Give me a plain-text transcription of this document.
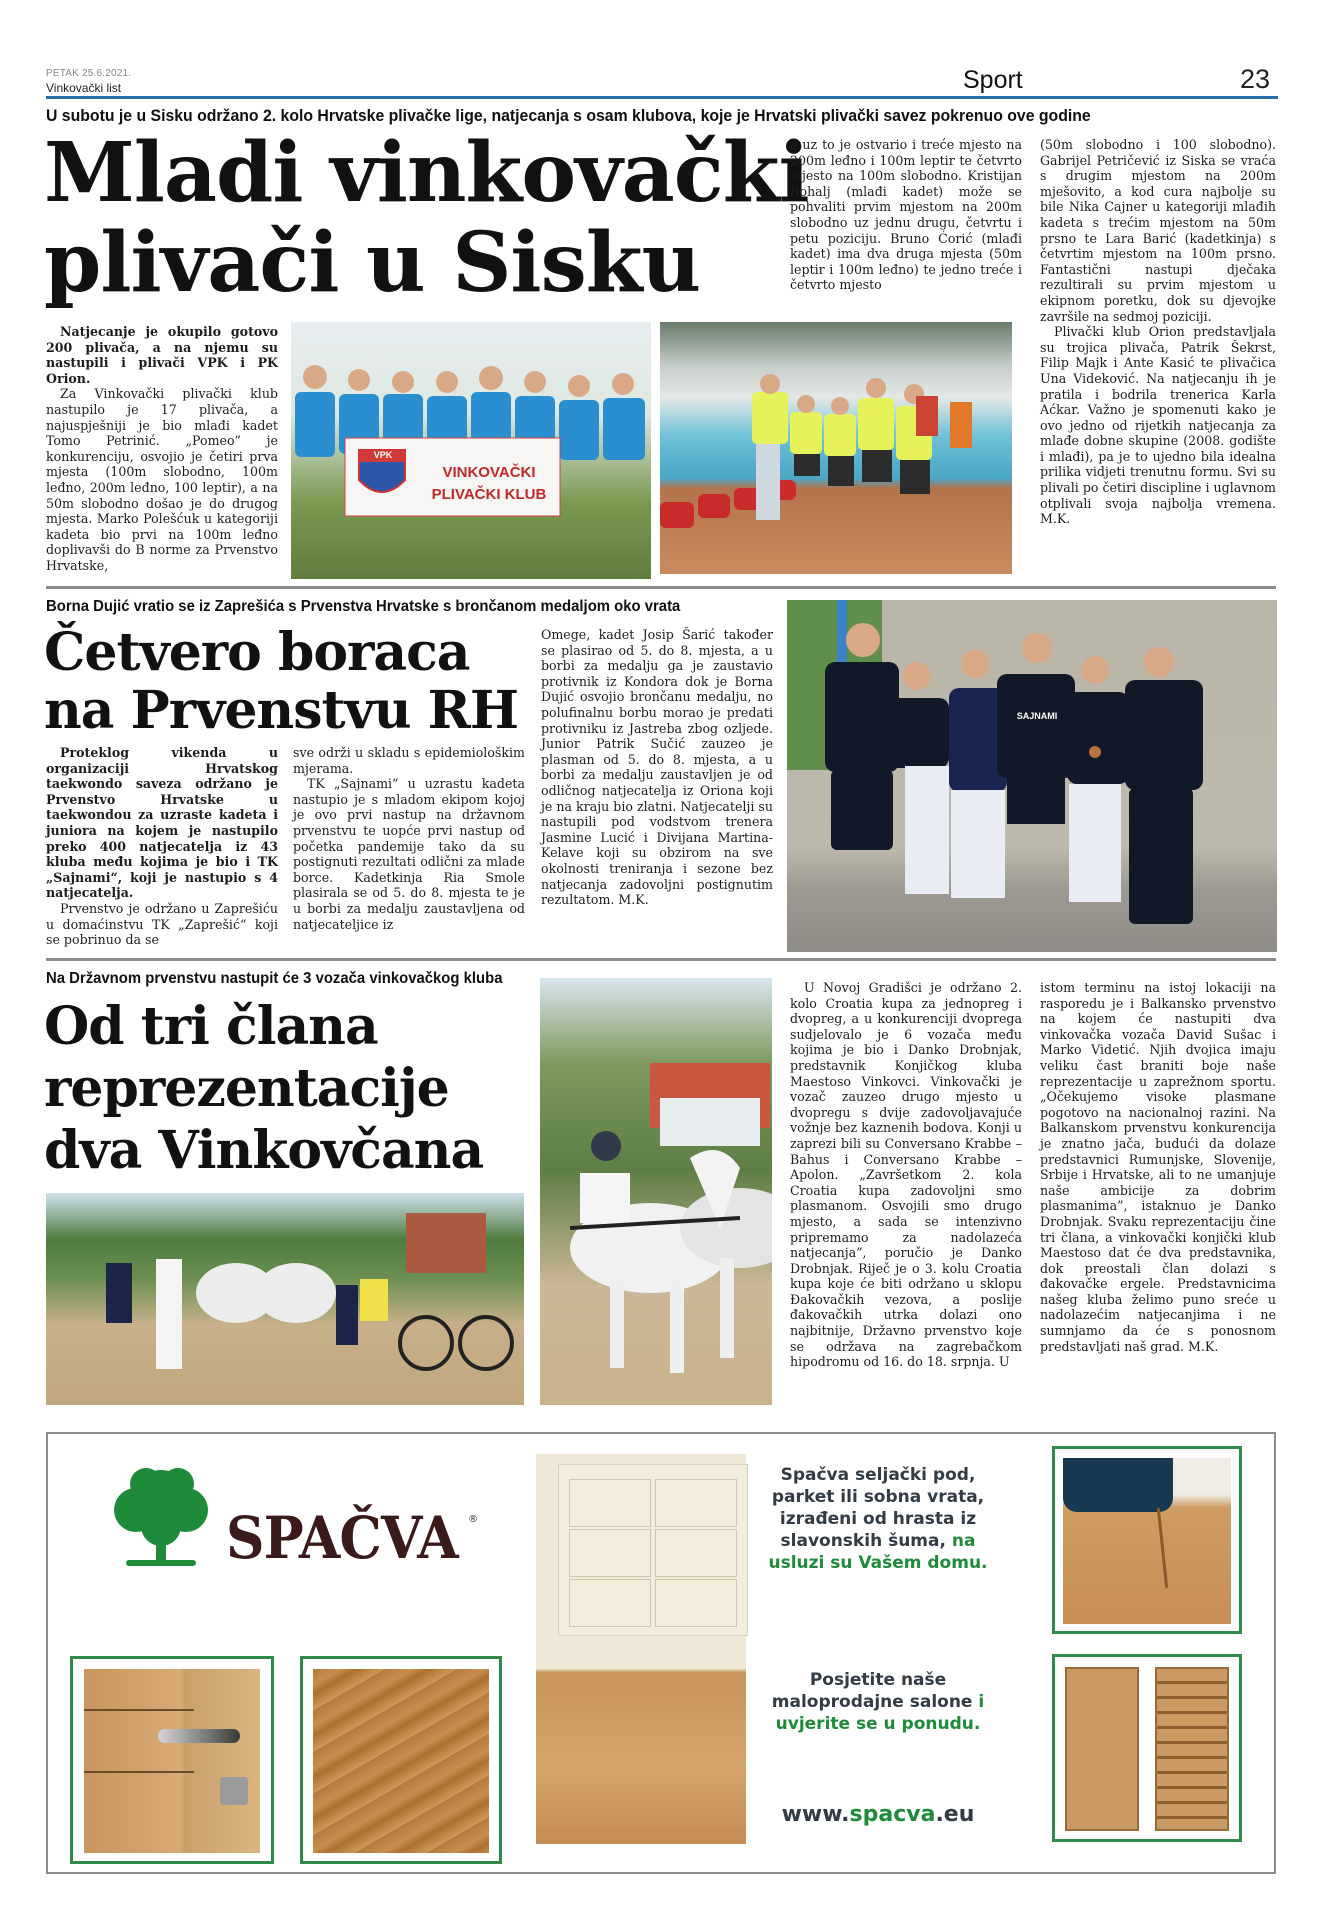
PETAK 25.6.2021.
Vinkovački list	Sport	23
U subotu je u Sisku održano 2. kolo Hrvatske plivačke lige, natjecanja s osam klubova, koje je Hrvatski plivački savez pokrenuo ove godine
Mladi vinkovački
plivači u Sisku

Natjecanje je okupilo gotovo 200 plivača, a na njemu su nastupili i plivači VPK i PK Orion.

Za Vinkovački plivački klub nastupilo je 17 plivača, a najuspješniji je bio mlađi kadet Tomo Petrinić. „Pomeo” je konkurenciju, osvojio je četiri prva mjesta (100m slobodno, 100m leđno, 200m leđno, 100 leptir), a na 50m slobodno došao je do drugog mjesta. Marko Polešćuk u kategoriji kadeta bio prvi na 100m leđno doplivavši do B norme za Prvenstvo Hrvatske,

VINKOVAČKI
PLIVAČKI KLUB
VPK

a uz to je ostvario i treće mjesto na 200m leđno i 100m leptir te četvrto mjesto na 100m slobodno. Kristijan Rohalj (mlađi kadet) može se pohvaliti prvim mjestom na 200m slobodno uz jednu drugu, četvrtu i petu poziciju. Bruno Ćorić (mlađi kadet) ima dva druga mjesta (50m leptir i 100m leđno) te jedno treće i četvrto mjesto

(50m slobodno i 100 slobodno). Gabrijel Petričević iz Siska se vraća s drugim mjestom na 200m mješovito, a kod cura najbolje su bile Nika Cajner u kategoriji mlađih kadeta s trećim mjestom na 50m prsno te Lara Barić (kadetkinja) s četvrtim mjestom na 100m prsno. Fantastični nastupi dječaka rezultirali su prvim mjestom u ekipnom poretku, dok su djevojke završile na sedmoj poziciji.

Plivački klub Orion predstavljala su trojica plivača, Patrik Šekrst, Filip Majk i Ante Kasić te plivačica Una Videković. Na natjecanju ih je pratila i bodrila trenerica Karla Aćkar. Važno je spomenuti kako je ovo jedno od rijetkih natjecanja za mlađe dobne skupine (2008. godište i mlađi), pa je to ujedno bila idealna prilika vidjeti trenutnu formu. Svi su plivali po četiri discipline i uglavnom otplivali svoja najbolja vremena. M.K.

Borna Dujić vratio se iz Zaprešića s Prvenstva Hrvatske s brončanom medaljom oko vrata
Četvero boraca
na Prvenstvu RH

Proteklog vikenda u organizaciji Hrvatskog taekwondo saveza održano je Prvenstvo Hrvatske u taekwondou za uzraste kadeta i juniora na kojem je nastupilo preko 400 natjecatelja iz 43 kluba među kojima je bio i TK „Sajnami“, koji je nastupio s 4 natjecatelja.

Prvenstvo je održano u Zaprešiću u domaćinstvu TK „Zaprešić“ koji se pobrinuo da se

sve održi u skladu s epidemiološkim mjerama.

TK „Sajnami“ u uzrastu kadeta nastupio je s mladom ekipom kojoj je ovo prvi nastup na državnom prvenstvu te uopće prvi nastup od početka pandemije tako da su postignuti rezultati odlični za mlade borce. Kadetkinja Ria Smole plasirala se od 5. do 8. mjesta te je u borbi za medalju zaustavljena od natjecateljice iz

Omege, kadet Josip Šarić također se plasirao od 5. do 8. mjesta, a u borbi za medalju ga je zaustavio protivnik iz Kondora dok je Borna Dujić osvojio brončanu medalju, no polufinalnu borbu morao je predati protivniku iz Jastreba zbog ozljede. Junior Patrik Sučić zauzeo je plasman od 5. do 8. mjesta, a u borbi za medalju zaustavljen je od odličnog natjecatelja iz Oriona koji je na kraju bio zlatni. Natjecatelji su nastupili pod vodstvom trenera Jasmine Lucić i Divijana Martina-Kelave koji su obzirom na sve okolnosti treniranja i sezone bez natjecanja zadovoljni postignutim rezultatom. M.K.

SAJNAMI
Na Državnom prvenstvu nastupit će 3 vozača vinkovačkog kluba
Od tri člana
reprezentacije
dva Vinkovčana

U Novoj Gradišci je održano 2. kolo Croatia kupa za jednopreg i dvopreg, a u konkurenciji dvoprega sudjelovalo je 6 vozača među kojima je bio i Danko Drobnjak, predstavnik Konjičkog kluba Maestoso Vinkovci. Vinkovački je vozač zauzeo drugo mjesto u dvopregu s dvije zadovoljavajuće vožnje bez kaznenih bodova. Konji u zaprezi bili su Conversano Krabbe – Bahus i Conversano Krabbe – Apolon. „Završetkom 2. kola Croatia kupa zadovoljni smo plasmanom. Osvojili smo drugo mjesto, a sada se intenzivno pripremamo za nadolazeća natjecanja”, poručio je Danko Drobnjak. Riječ je o 3. kolu Croatia kupa koje će biti održano u sklopu Đakovačkih vezova, a poslije đakovačkih utrka dolazi ono najbitnije, Državno prvenstvo koje se održava na zagrebačkom hipodromu od 16. do 18. srpnja. U

istom terminu na istoj lokaciji na rasporedu je i Balkansko prvenstvo na kojem će nastupiti dva vinkovačka vozača David Sušac i Marko Videtić. Njih dvojica imaju veliku čast braniti boje naše reprezentacije u zaprežnom sportu. „Očekujemo visoke plasmane pogotovo na nacionalnoj razini. Na Balkanskom prvenstvu konkurencija je znatno jača, budući da dolaze predstavnici Rumunjske, Slovenije, Srbije i Hrvatske, ali to ne umanjuje naše ambicije za dobrim plasmanima”, istaknuo je Danko Drobnjak. Svaku reprezentaciju čine tri člana, a vinkovački konjički klub Maestoso dat će dva predstavnika, dok preostali član dolazi s đakovačke ergele. Predstavnicima našeg kluba želimo puno sreće u nadolazećim natjecanjima i ne sumnjamo da će s ponosnom predstavljati naš grad. M.K.

SPAČVA ®
Spačva seljački pod, parket ili sobna vrata, izrađeni od hrasta iz slavonskih šuma, na usluzi su Vašem domu.
Posjetite naše maloprodajne salone i uvjerite se u ponudu.
www.spacva.eu
